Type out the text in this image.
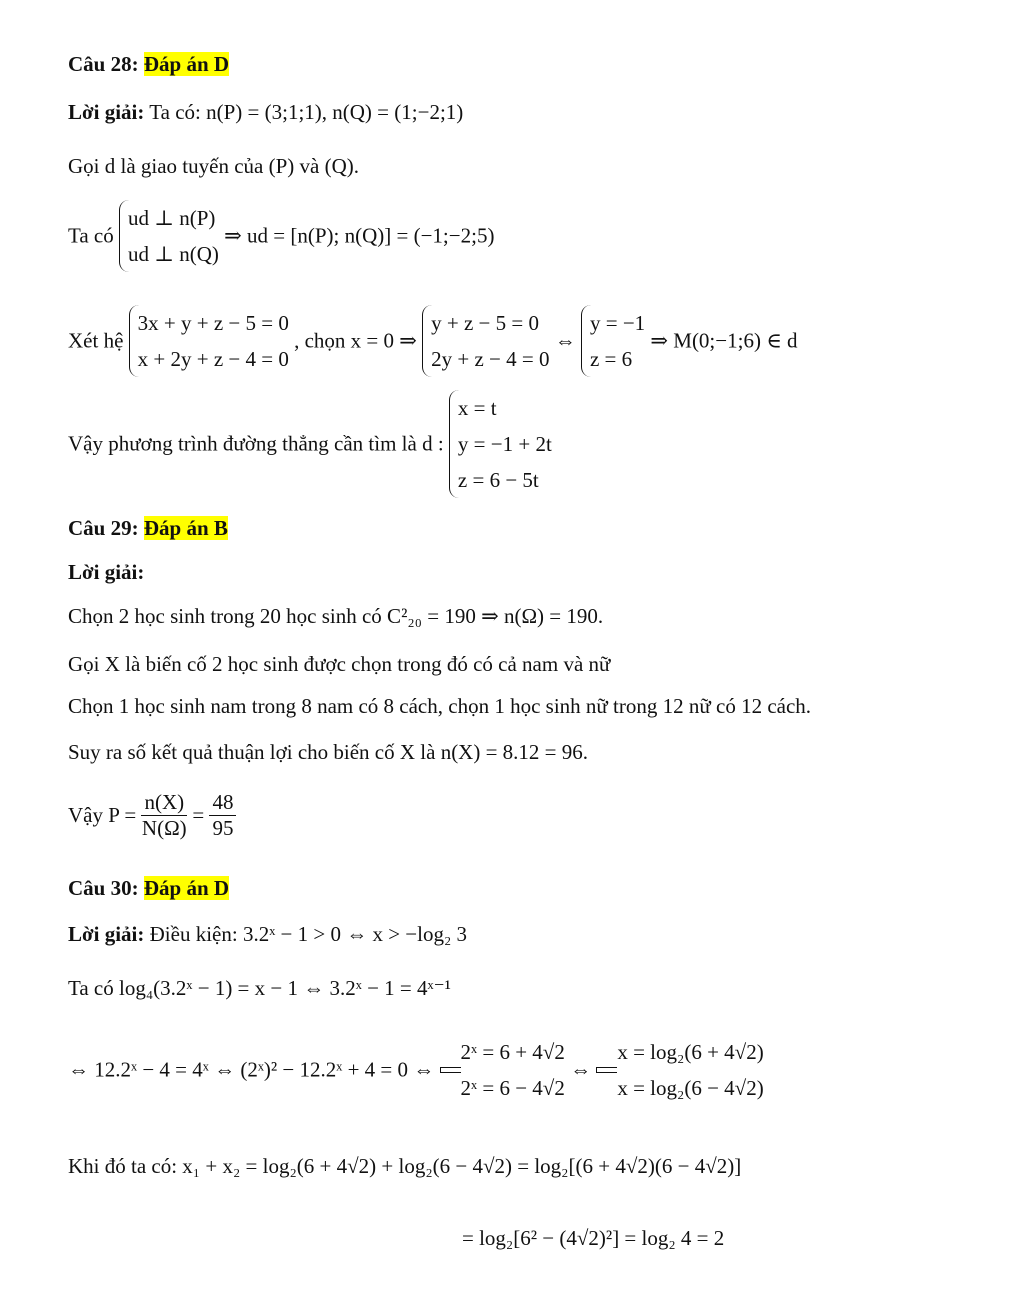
Câu 28: Đáp án D
Lời giải: Ta có: n(P) = (3;1;1), n(Q) = (1;−2;1)
Gọi d là giao tuyến của (P) và (Q).
Ta có
ud ⊥ n(P)
ud ⊥ n(Q)
⇒ ud = [n(P); n(Q)] = (−1;−2;5)
Xét hệ
3x + y + z − 5 = 0
x + 2y + z − 4 = 0
, chọn x = 0 ⇒
y + z − 5 = 0
2y + z − 4 = 0
⇔
y = −1
z = 6
⇒ M(0;−1;6) ∈ d
Vậy phương trình đường thẳng cần tìm là d :
x = t
y = −1 + 2t
z = 6 − 5t
Câu 29: Đáp án B
Lời giải:
Chọn 2 học sinh trong 20 học sinh có C²₂₀ = 190 ⇒ n(Ω) = 190.
Gọi X là biến cố 2 học sinh được chọn trong đó có cả nam và nữ
Chọn 1 học sinh nam trong 8 nam có 8 cách, chọn 1 học sinh nữ trong 12 nữ có 12 cách.
Suy ra số kết quả thuận lợi cho biến cố X là n(X) = 8.12 = 96.
Vậy $P = \frac{n(X)}{N(\Omega)} = \frac{48}{95}$
Câu 30: Đáp án D
Lời giải: Điều kiện: 3.2ˣ − 1 > 0 ⇔ x > −log₂ 3
Ta có log₄(3.2ˣ − 1) = x − 1 ⇔ 3.2ˣ − 1 = 4ˣ⁻¹
⇔ 12.2ˣ − 4 = 4ˣ ⇔ (2ˣ)² − 12.2ˣ + 4 = 0 ⇔
2ˣ = 6 + 4√2
2ˣ = 6 − 4√2
⇔
x = log₂(6 + 4√2)
x = log₂(6 − 4√2)
Khi đó ta có: x₁ + x₂ = log₂(6 + 4√2) + log₂(6 − 4√2) = log₂[(6 + 4√2)(6 − 4√2)]
= log₂[6² − (4√2)²] = log₂ 4 = 2
